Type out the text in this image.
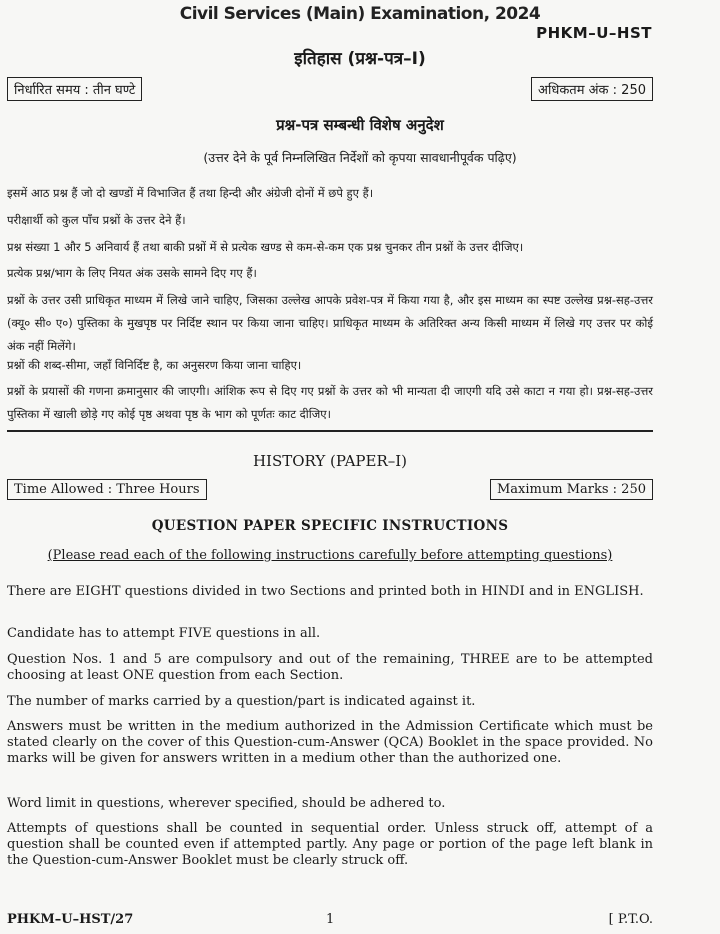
Civil Services (Main) Examination, 2024
PHKM–U–HST
इतिहास (प्रश्न-पत्र–I)
निर्धारित समय : तीन घण्टे	अधिकतम अंक : 250
प्रश्न-पत्र सम्बन्धी विशेष अनुदेश
(उत्तर देने के पूर्व निम्नलिखित निर्देशों को कृपया सावधानीपूर्वक पढ़िए)
इसमें आठ प्रश्न हैं जो दो खण्डों में विभाजित हैं तथा हिन्दी और अंग्रेजी दोनों में छपे हुए हैं।
परीक्षार्थी को कुल पाँच प्रश्नों के उत्तर देने हैं।
प्रश्न संख्या 1 और 5 अनिवार्य हैं तथा बाकी प्रश्नों में से प्रत्येक खण्ड से कम-से-कम एक प्रश्न चुनकर तीन प्रश्नों के उत्तर दीजिए।
प्रत्येक प्रश्न/भाग के लिए नियत अंक उसके सामने दिए गए हैं।
प्रश्नों के उत्तर उसी प्राधिकृत माध्यम में लिखे जाने चाहिए, जिसका उल्लेख आपके प्रवेश-पत्र में किया गया है, और इस माध्यम का स्पष्ट उल्लेख प्रश्न-सह-उत्तर (क्यू० सी० ए०) पुस्तिका के मुखपृष्ठ पर निर्दिष्ट स्थान पर किया जाना चाहिए। प्राधिकृत माध्यम के अतिरिक्त अन्य किसी माध्यम में लिखे गए उत्तर पर कोई अंक नहीं मिलेंगे।
प्रश्नों की शब्द-सीमा, जहाँ विनिर्दिष्ट है, का अनुसरण किया जाना चाहिए।
प्रश्नों के प्रयासों की गणना क्रमानुसार की जाएगी। आंशिक रूप से दिए गए प्रश्नों के उत्तर को भी मान्यता दी जाएगी यदि उसे काटा न गया हो। प्रश्न-सह-उत्तर पुस्तिका में खाली छोड़े गए कोई पृष्ठ अथवा पृष्ठ के भाग को पूर्णतः काट दीजिए।
HISTORY (PAPER–I)
Time Allowed : Three Hours	Maximum Marks : 250
QUESTION PAPER SPECIFIC INSTRUCTIONS
(Please read each of the following instructions carefully before attempting questions)
There are EIGHT questions divided in two Sections and printed both in HINDI and in ENGLISH.
Candidate has to attempt FIVE questions in all.
Question Nos. 1 and 5 are compulsory and out of the remaining, THREE are to be attempted choosing at least ONE question from each Section.
The number of marks carried by a question/part is indicated against it.
Answers must be written in the medium authorized in the Admission Certificate which must be stated clearly on the cover of this Question-cum-Answer (QCA) Booklet in the space provided. No marks will be given for answers written in a medium other than the authorized one.
Word limit in questions, wherever specified, should be adhered to.
Attempts of questions shall be counted in sequential order. Unless struck off, attempt of a question shall be counted even if attempted partly. Any page or portion of the page left blank in the Question-cum-Answer Booklet must be clearly struck off.
PHKM–U–HST/27	1	[ P.T.O.
